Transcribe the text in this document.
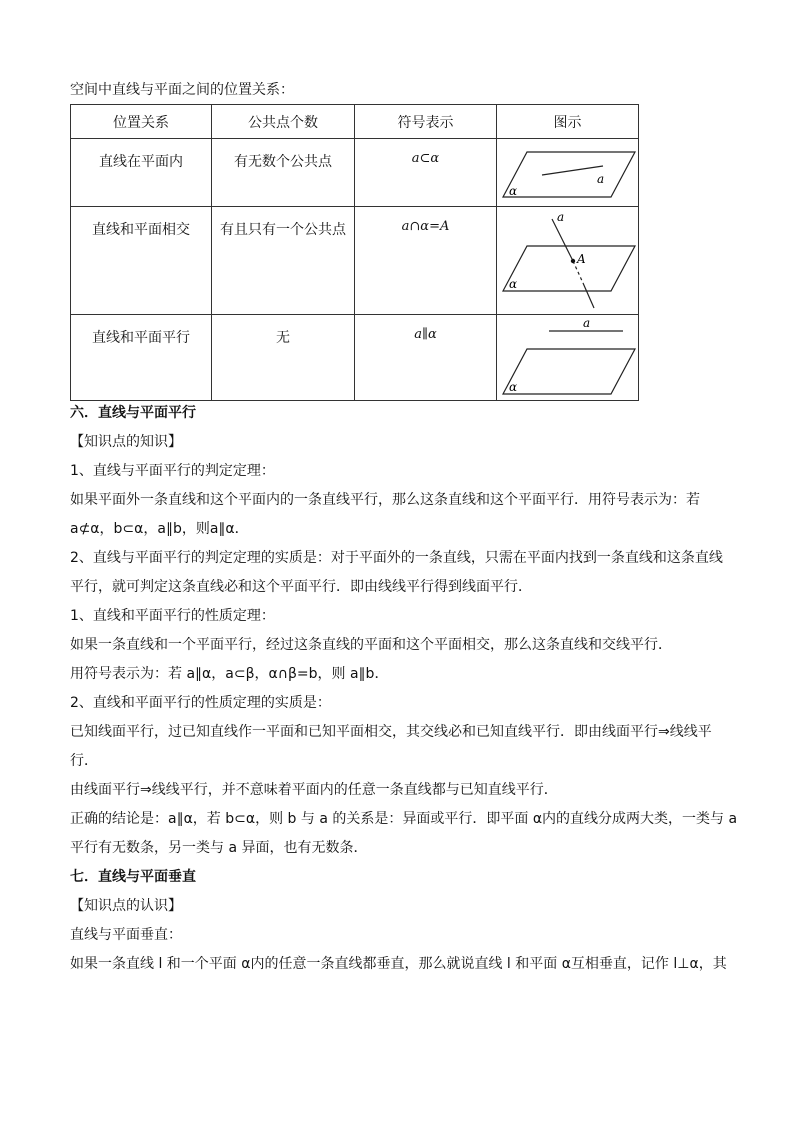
空间中直线与平面之间的位置关系：
位置关系	公共点个数	符号表示	图示

直线在平面内	有无数个公共点	a⊂α	a
α

直线和平面相交	有且只有一个公共点	a∩α=A	a
A
α

直线和平面平行	无	a∥α	a
α

六．直线与平面平行

【知识点的知识】

1、直线与平面平行的判定定理：

如果平面外一条直线和这个平面内的一条直线平行，那么这条直线和这个平面平行．用符号表示为：若

a⊄α，b⊂α，a∥b，则a∥α．

2、直线与平面平行的判定定理的实质是：对于平面外的一条直线，只需在平面内找到一条直线和这条直线

平行，就可判定这条直线必和这个平面平行．即由线线平行得到线面平行．

1、直线和平面平行的性质定理：

如果一条直线和一个平面平行，经过这条直线的平面和这个平面相交，那么这条直线和交线平行．

用符号表示为：若 a∥α，a⊂β，α∩β=b，则 a∥b．

2、直线和平面平行的性质定理的实质是：

已知线面平行，过已知直线作一平面和已知平面相交，其交线必和已知直线平行．即由线面平行⇒线线平

行．

由线面平行⇒线线平行，并不意味着平面内的任意一条直线都与已知直线平行．

正确的结论是：a∥α，若 b⊂α，则 b 与 a 的关系是：异面或平行．即平面 α内的直线分成两大类，一类与 a

平行有无数条，另一类与 a 异面，也有无数条．

七．直线与平面垂直

【知识点的认识】

直线与平面垂直：

如果一条直线 l 和一个平面 α内的任意一条直线都垂直，那么就说直线 l 和平面 α互相垂直，记作 l⊥α，其
